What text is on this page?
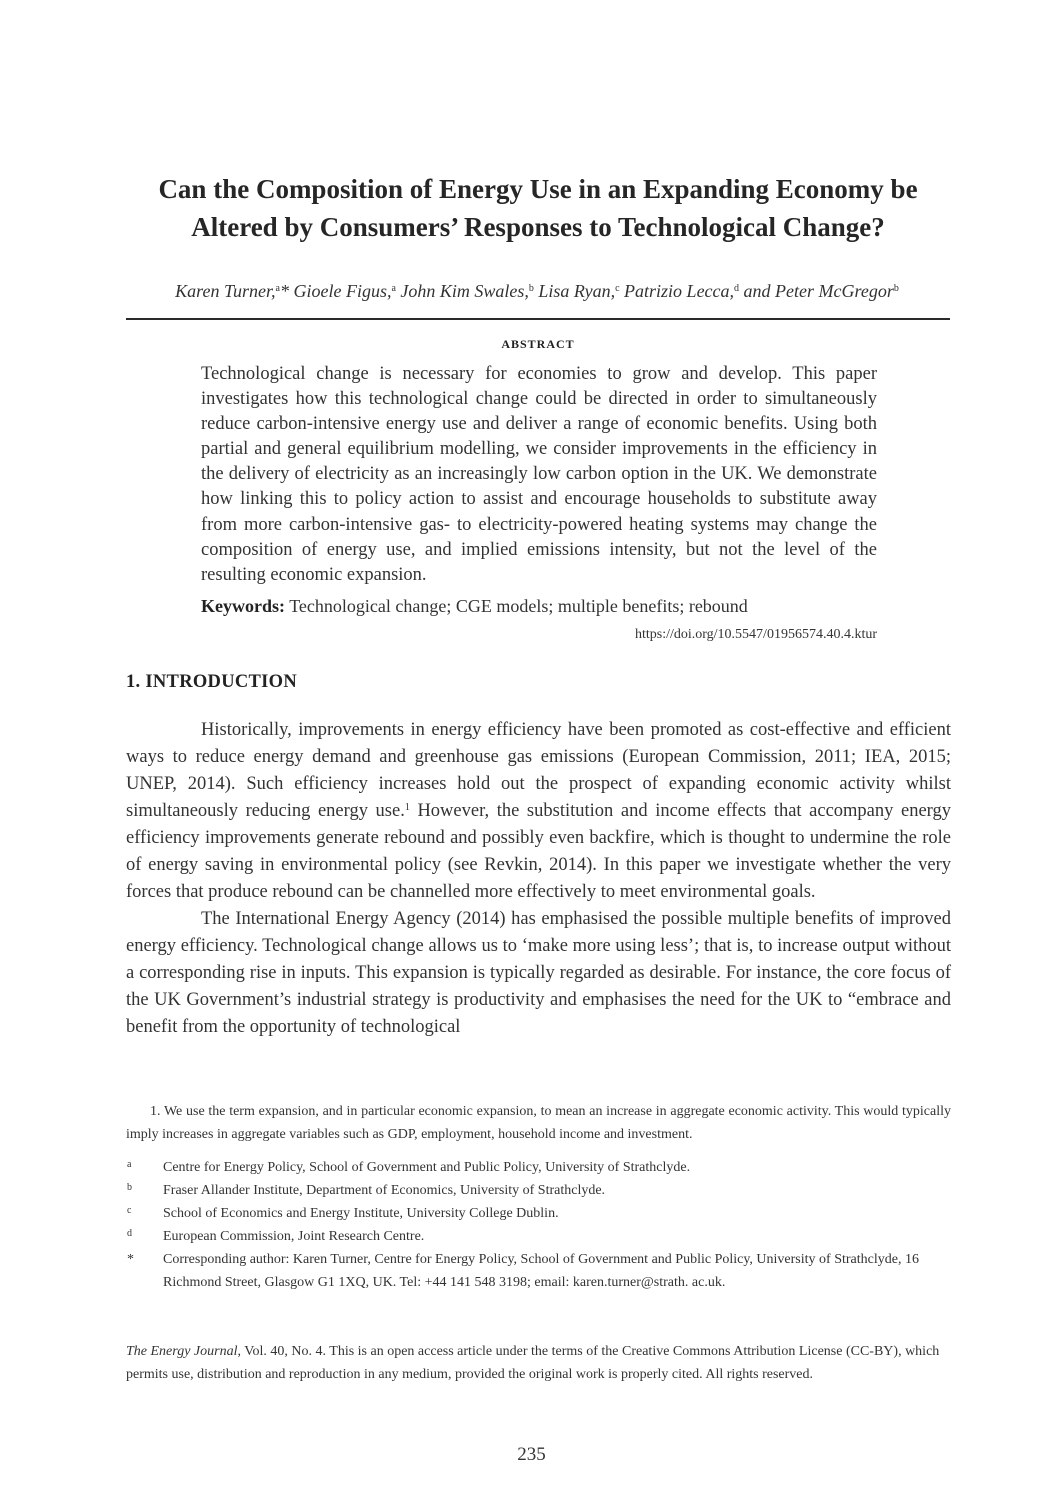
Can the Composition of Energy Use in an Expanding Economy be
Altered by Consumers’ Responses to Technological Change?
Karen Turner,$^a$* Gioele Figus,$^a$ John Kim Swales,$^b$ Lisa Ryan,$^c$ Patrizio Lecca,$^d$ and Peter McGregor$^b$
ABSTRACT

Technological change is necessary for economies to grow and develop. This paper investigates how this technological change could be directed in order to simultaneously reduce carbon-intensive energy use and deliver a range of economic benefits. Using both partial and general equilibrium modelling, we consider improvements in the efficiency in the delivery of electricity as an increasingly low carbon option in the UK. We demonstrate how linking this to policy action to assist and encourage households to substitute away from more carbon-intensive gas- to electricity-powered heating systems may change the composition of energy use, and implied emissions intensity, but not the level of the resulting economic expansion.

Keywords: Technological change; CGE models; multiple benefits; rebound
https://doi.org/10.5547/01956574.40.4.ktur
1. INTRODUCTION

Historically, improvements in energy efficiency have been promoted as cost-effective and efficient ways to reduce energy demand and greenhouse gas emissions (European Commission, 2011; IEA, 2015; UNEP, 2014). Such efficiency increases hold out the prospect of expanding economic activity whilst simultaneously reducing energy use.$^1$ However, the substitution and income effects that accompany energy efficiency improvements generate rebound and possibly even backfire, which is thought to undermine the role of energy saving in environmental policy (see Revkin, 2014). In this paper we investigate whether the very forces that produce rebound can be channelled more effectively to meet environmental goals.

The International Energy Agency (2014) has emphasised the possible multiple benefits of improved energy efficiency. Technological change allows us to ‘make more using less’; that is, to increase output without a corresponding rise in inputs. This expansion is typically regarded as desirable. For instance, the core focus of the UK Government’s industrial strategy is productivity and emphasises the need for the UK to “embrace and benefit from the opportunity of technological

1. We use the term expansion, and in particular economic expansion, to mean an increase in aggregate economic activity. This would typically imply increases in aggregate variables such as GDP, employment, household income and investment.

a	Centre for Energy Policy, School of Government and Public Policy, University of Strathclyde.
b	Fraser Allander Institute, Department of Economics, University of Strathclyde.
c	School of Economics and Energy Institute, University College Dublin.
d	European Commission, Joint Research Centre.
*	Corresponding author: Karen Turner, Centre for Energy Policy, School of Government and Public Policy, University of Strathclyde, 16 Richmond Street, Glasgow G1 1XQ, UK. Tel: +44 141 548 3198; email: karen.turner@strath. ac.uk.
The Energy Journal, Vol. 40, No. 4. This is an open access article under the terms of the Creative Commons Attribution License (CC-BY), which permits use, distribution and reproduction in any medium, provided the original work is properly cited. All rights reserved.
235
